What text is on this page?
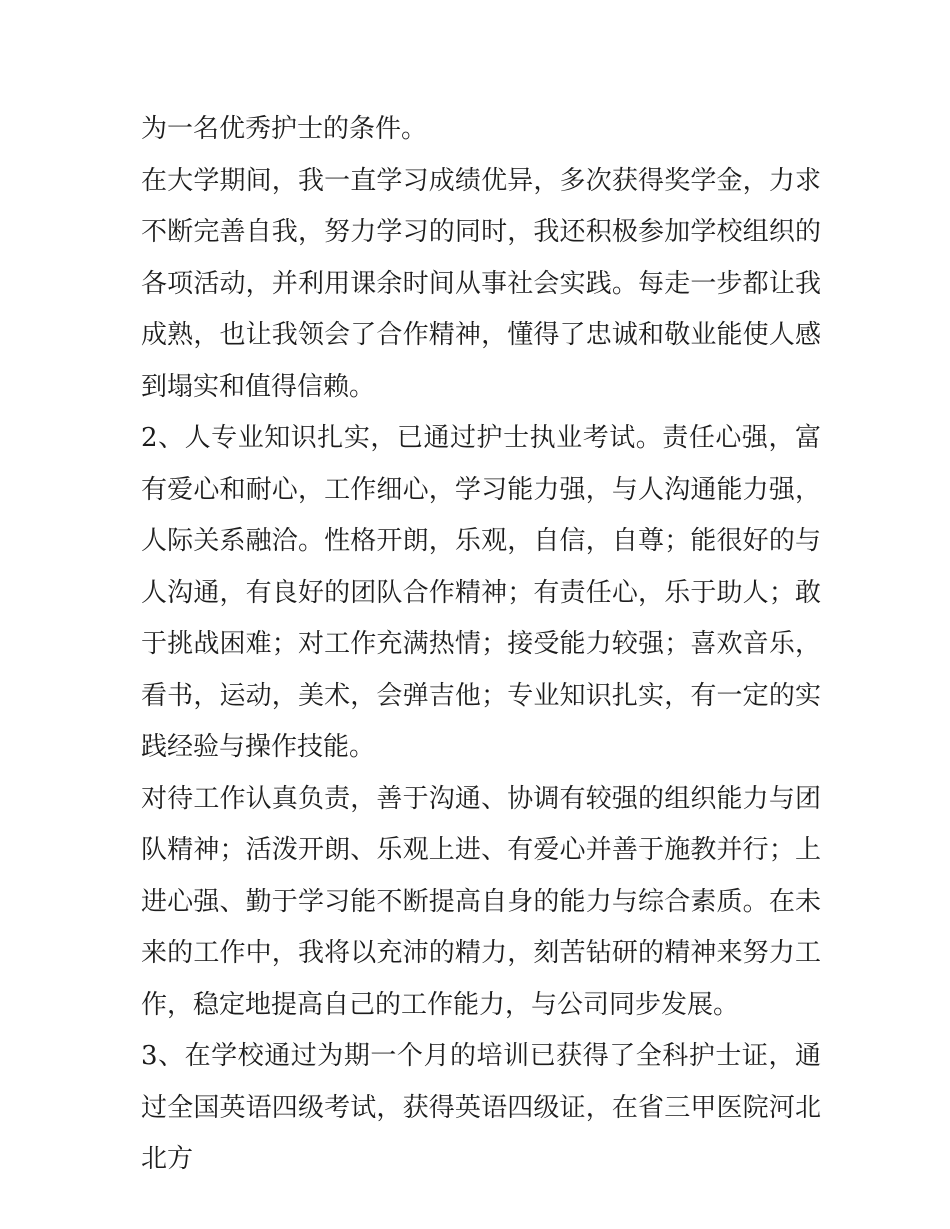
为一名优秀护士的条件。

在大学期间，我一直学习成绩优异，多次获得奖学金，力求不断完善自我，努力学习的同时，我还积极参加学校组织的各项活动，并利用课余时间从事社会实践。每走一步都让我成熟，也让我领会了合作精神，懂得了忠诚和敬业能使人感到塌实和值得信赖。

2、人专业知识扎实，已通过护士执业考试。责任心强，富有爱心和耐心，工作细心，学习能力强，与人沟通能力强，人际关系融洽。性格开朗，乐观，自信，自尊；能很好的与人沟通，有良好的团队合作精神；有责任心，乐于助人；敢于挑战困难；对工作充满热情；接受能力较强；喜欢音乐，看书，运动，美术，会弹吉他；专业知识扎实，有一定的实践经验与操作技能。

对待工作认真负责，善于沟通、协调有较强的组织能力与团队精神；活泼开朗、乐观上进、有爱心并善于施教并行；上进心强、勤于学习能不断提高自身的能力与综合素质。在未来的工作中，我将以充沛的精力，刻苦钻研的精神来努力工作，稳定地提高自己的工作能力，与公司同步发展。

3、在学校通过为期一个月的培训已获得了全科护士证，通过全国英语四级考试，获得英语四级证，在省三甲医院河北北方
